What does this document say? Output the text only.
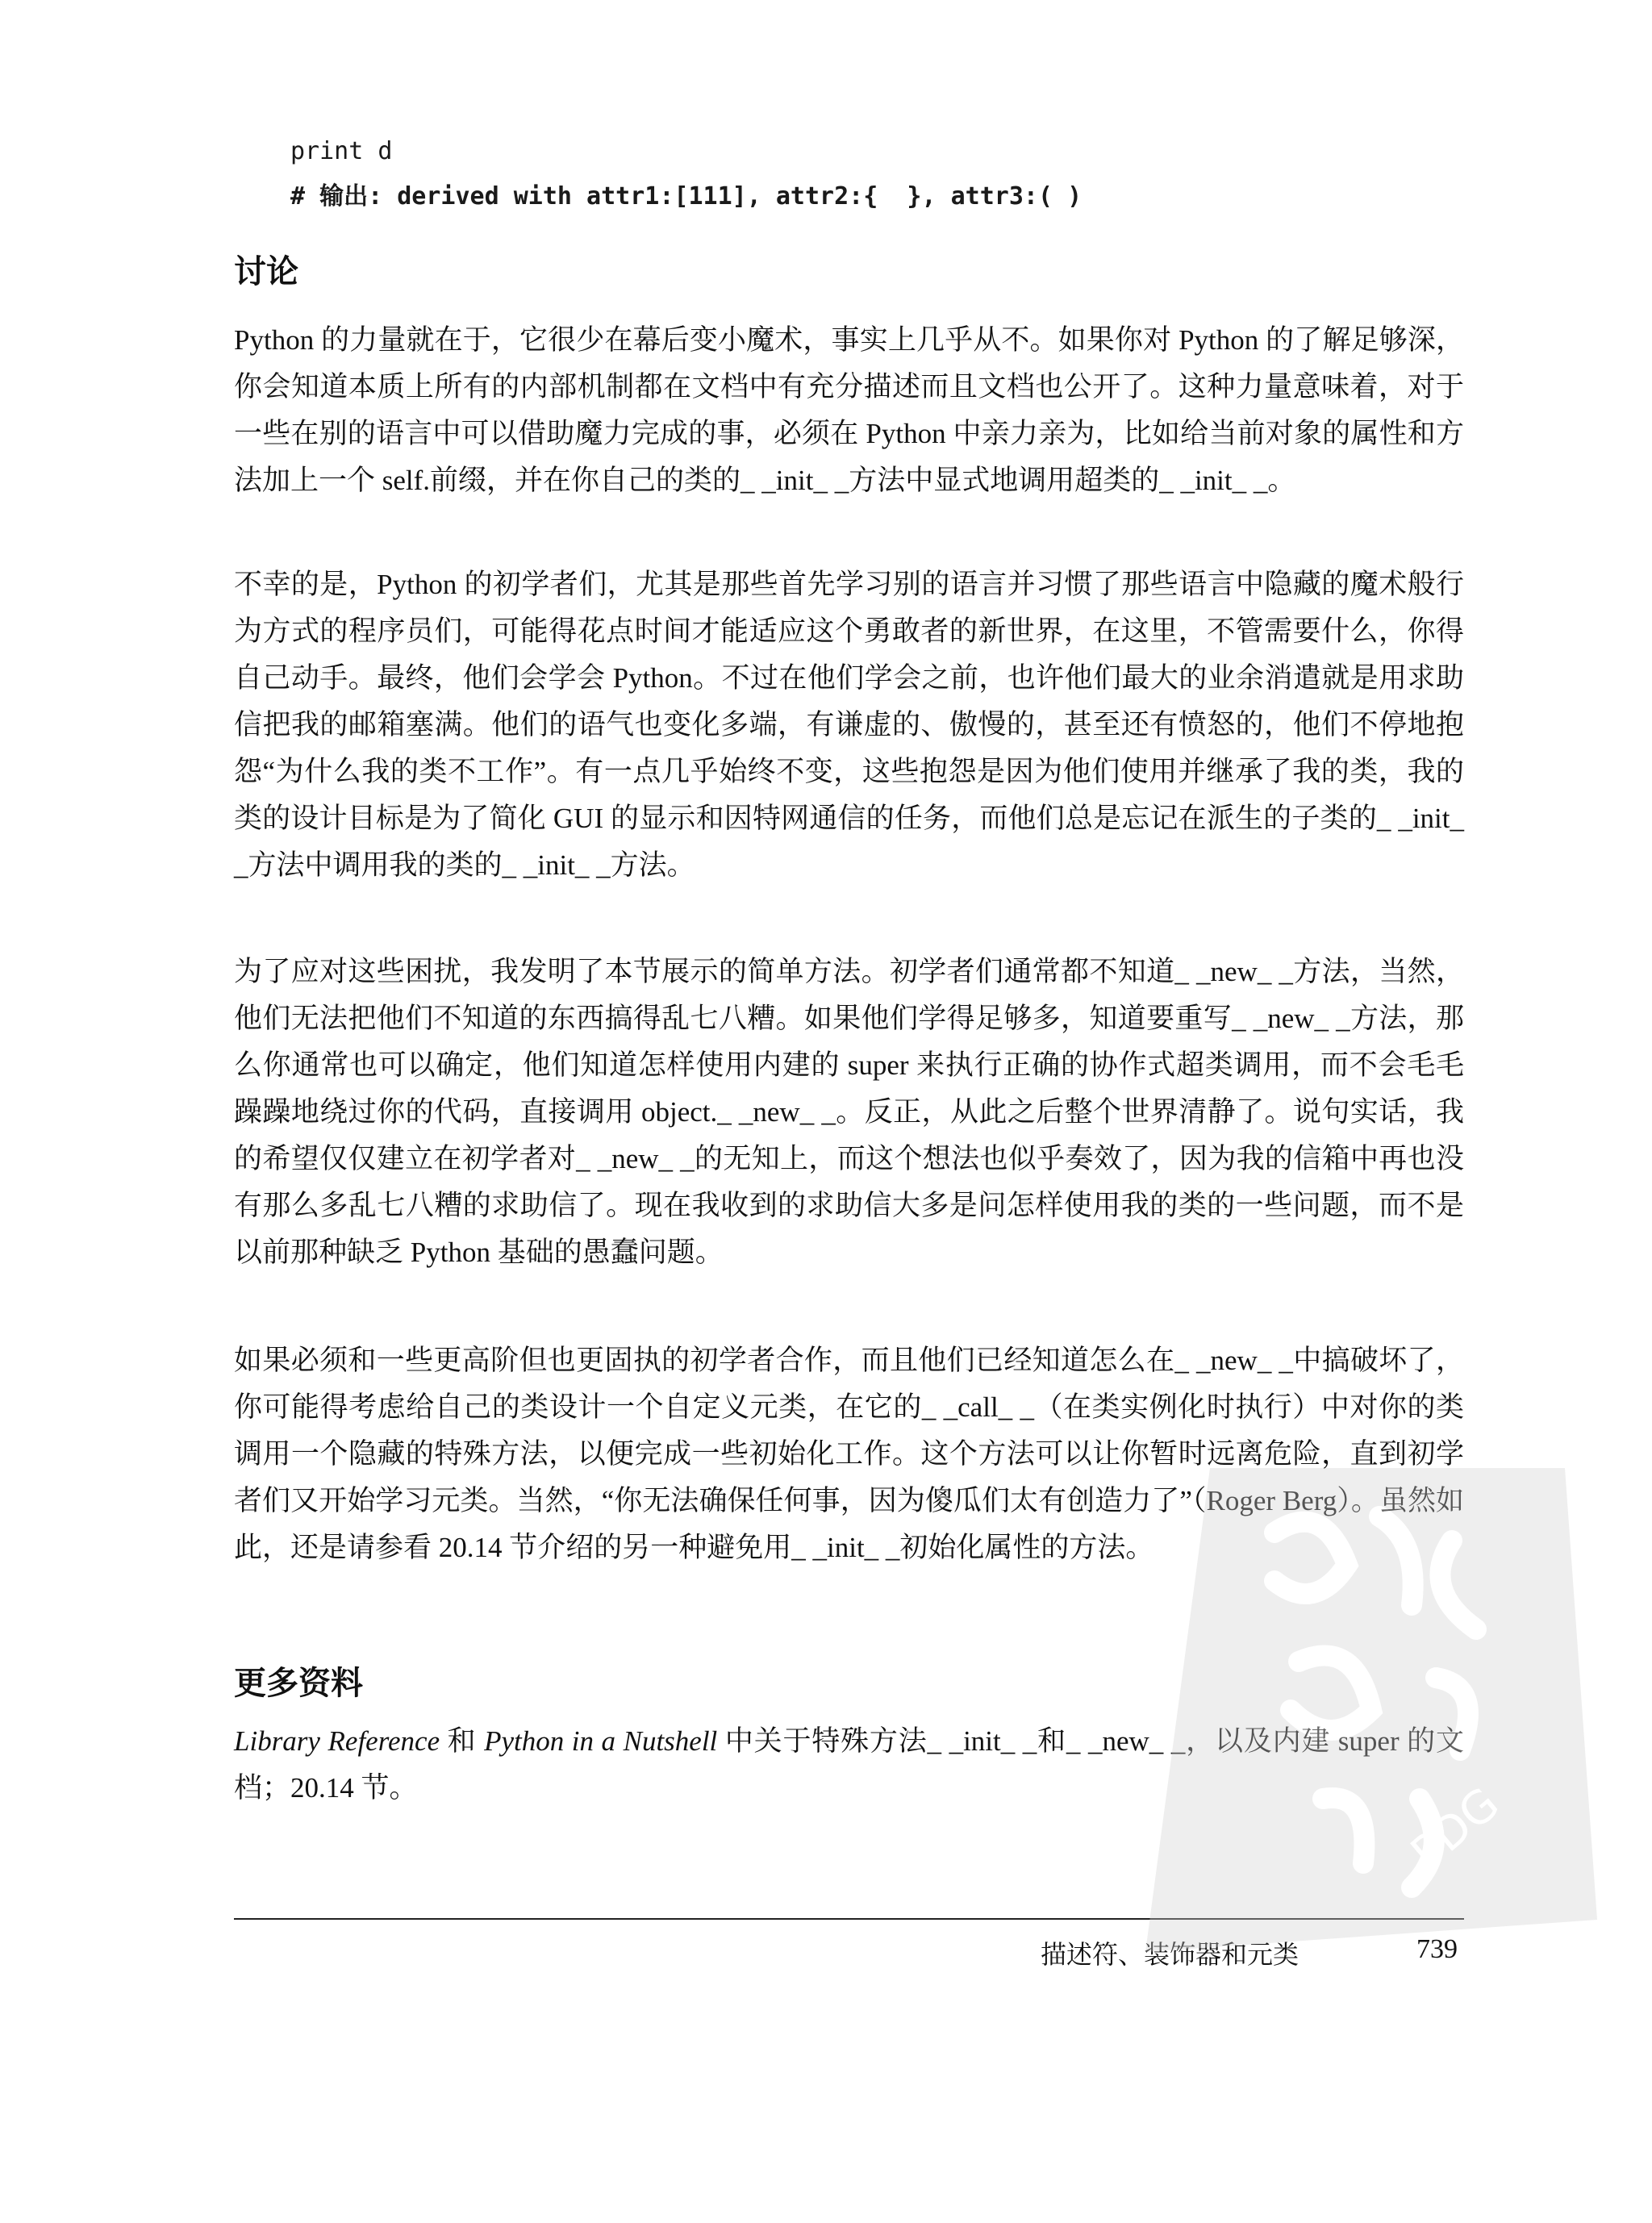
print d
# 输出: derived with attr1:[111], attr2:{  }, attr3:( )
讨论
Python 的力量就在于，它很少在幕后变小魔术，事实上几乎从不。如果你对 Python 的了解足够深，你会知道本质上所有的内部机制都在文档中有充分描述而且文档也公开了。这种力量意味着，对于一些在别的语言中可以借助魔力完成的事，必须在 Python 中亲力亲为，比如给当前对象的属性和方法加上一个 self.前缀，并在你自己的类的_ _init_ _方法中显式地调用超类的_ _init_ _。
不幸的是，Python 的初学者们，尤其是那些首先学习别的语言并习惯了那些语言中隐藏的魔术般行为方式的程序员们，可能得花点时间才能适应这个勇敢者的新世界，在这里，不管需要什么，你得自己动手。最终，他们会学会 Python。不过在他们学会之前，也许他们最大的业余消遣就是用求助信把我的邮箱塞满。他们的语气也变化多端，有谦虚的、傲慢的，甚至还有愤怒的，他们不停地抱怨“为什么我的类不工作”。有一点几乎始终不变，这些抱怨是因为他们使用并继承了我的类，我的类的设计目标是为了简化 GUI 的显示和因特网通信的任务，而他们总是忘记在派生的子类的_ _init_ _方法中调用我的类的_ _init_ _方法。
为了应对这些困扰，我发明了本节展示的简单方法。初学者们通常都不知道_ _new_ _方法，当然，他们无法把他们不知道的东西搞得乱七八糟。如果他们学得足够多，知道要重写_ _new_ _方法，那么你通常也可以确定，他们知道怎样使用内建的 super 来执行正确的协作式超类调用，而不会毛毛躁躁地绕过你的代码，直接调用 object._ _new_ _。反正，从此之后整个世界清静了。说句实话，我的希望仅仅建立在初学者对_ _new_ _的无知上，而这个想法也似乎奏效了，因为我的信箱中再也没有那么多乱七八糟的求助信了。现在我收到的求助信大多是问怎样使用我的类的一些问题，而不是以前那种缺乏 Python 基础的愚蠢问题。
如果必须和一些更高阶但也更固执的初学者合作，而且他们已经知道怎么在_ _new_ _中搞破坏了，你可能得考虑给自己的类设计一个自定义元类，在它的_ _call_ _（在类实例化时执行）中对你的类调用一个隐藏的特殊方法，以便完成一些初始化工作。这个方法可以让你暂时远离危险，直到初学者们又开始学习元类。当然，“你无法确保任何事，因为傻瓜们太有创造力了”（Roger Berg）。虽然如此，还是请参看 20.14 节介绍的另一种避免用_ _init_ _初始化属性的方法。
更多资料
Library Reference 和 Python in a Nutshell 中关于特殊方法_ _init_ _和_ _new_ _，以及内建 super 的文档；20.14 节。
描述符、装饰器和元类	739
PDG
